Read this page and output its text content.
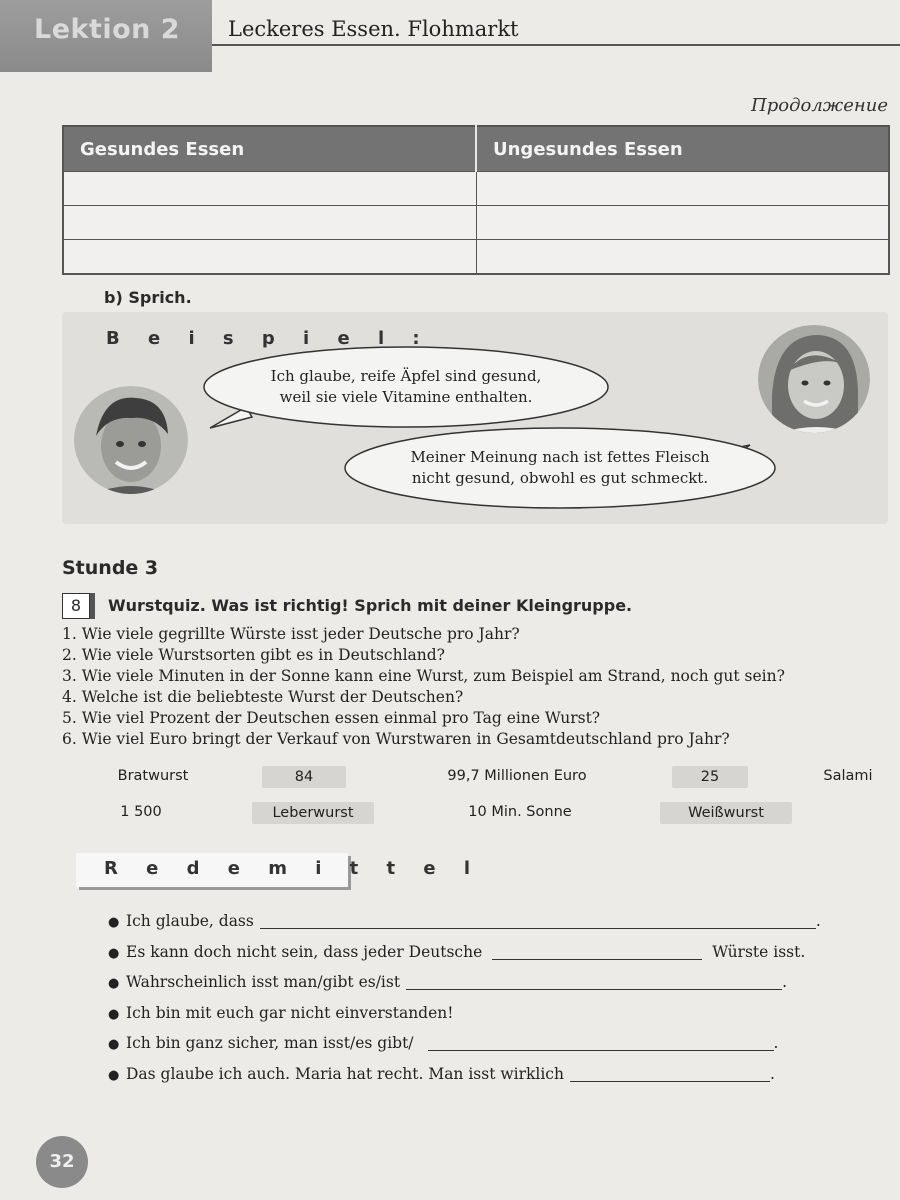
Lektion 2 Leckeres Essen. Flohmarkt
Продолжение
Gesundes Essen	Ungesundes Essen

b) Sprich.
B e i s p i e l :
Ich glaube, reife Äpfel sind gesund,
weil sie viele Vitamine enthalten.
Meiner Meinung nach ist fettes Fleisch
nicht gesund, obwohl es gut schmeckt.
Stunde 3
8	Wurstquiz. Was ist richtig! Sprich mit deiner Kleingruppe.
1. Wie viele gegrillte Würste isst jeder Deutsche pro Jahr?
2. Wie viele Wurstsorten gibt es in Deutschland?
3. Wie viele Minuten in der Sonne kann eine Wurst, zum Beispiel am Strand, noch gut sein?
4. Welche ist die beliebteste Wurst der Deutschen?
5. Wie viel Prozent der Deutschen essen einmal pro Tag eine Wurst?
6. Wie viel Euro bringt der Verkauf von Wurstwaren in Gesamtdeutschland pro Jahr?
Bratwurst	84	99,7 Millionen Euro	25	Salami
1 500	Leberwurst	10 Min. Sonne	Weißwurst
R e d e m i t t e l
● Ich glaube, dass	.
● Es kann doch nicht sein, dass jeder Deutsche	Würste isst.
● Wahrscheinlich isst man/gibt es/ist	.
● Ich bin mit euch gar nicht einverstanden!
● Ich bin ganz sicher, man isst/es gibt/	.
● Das glaube ich auch. Maria hat recht. Man isst wirklich	.
32
